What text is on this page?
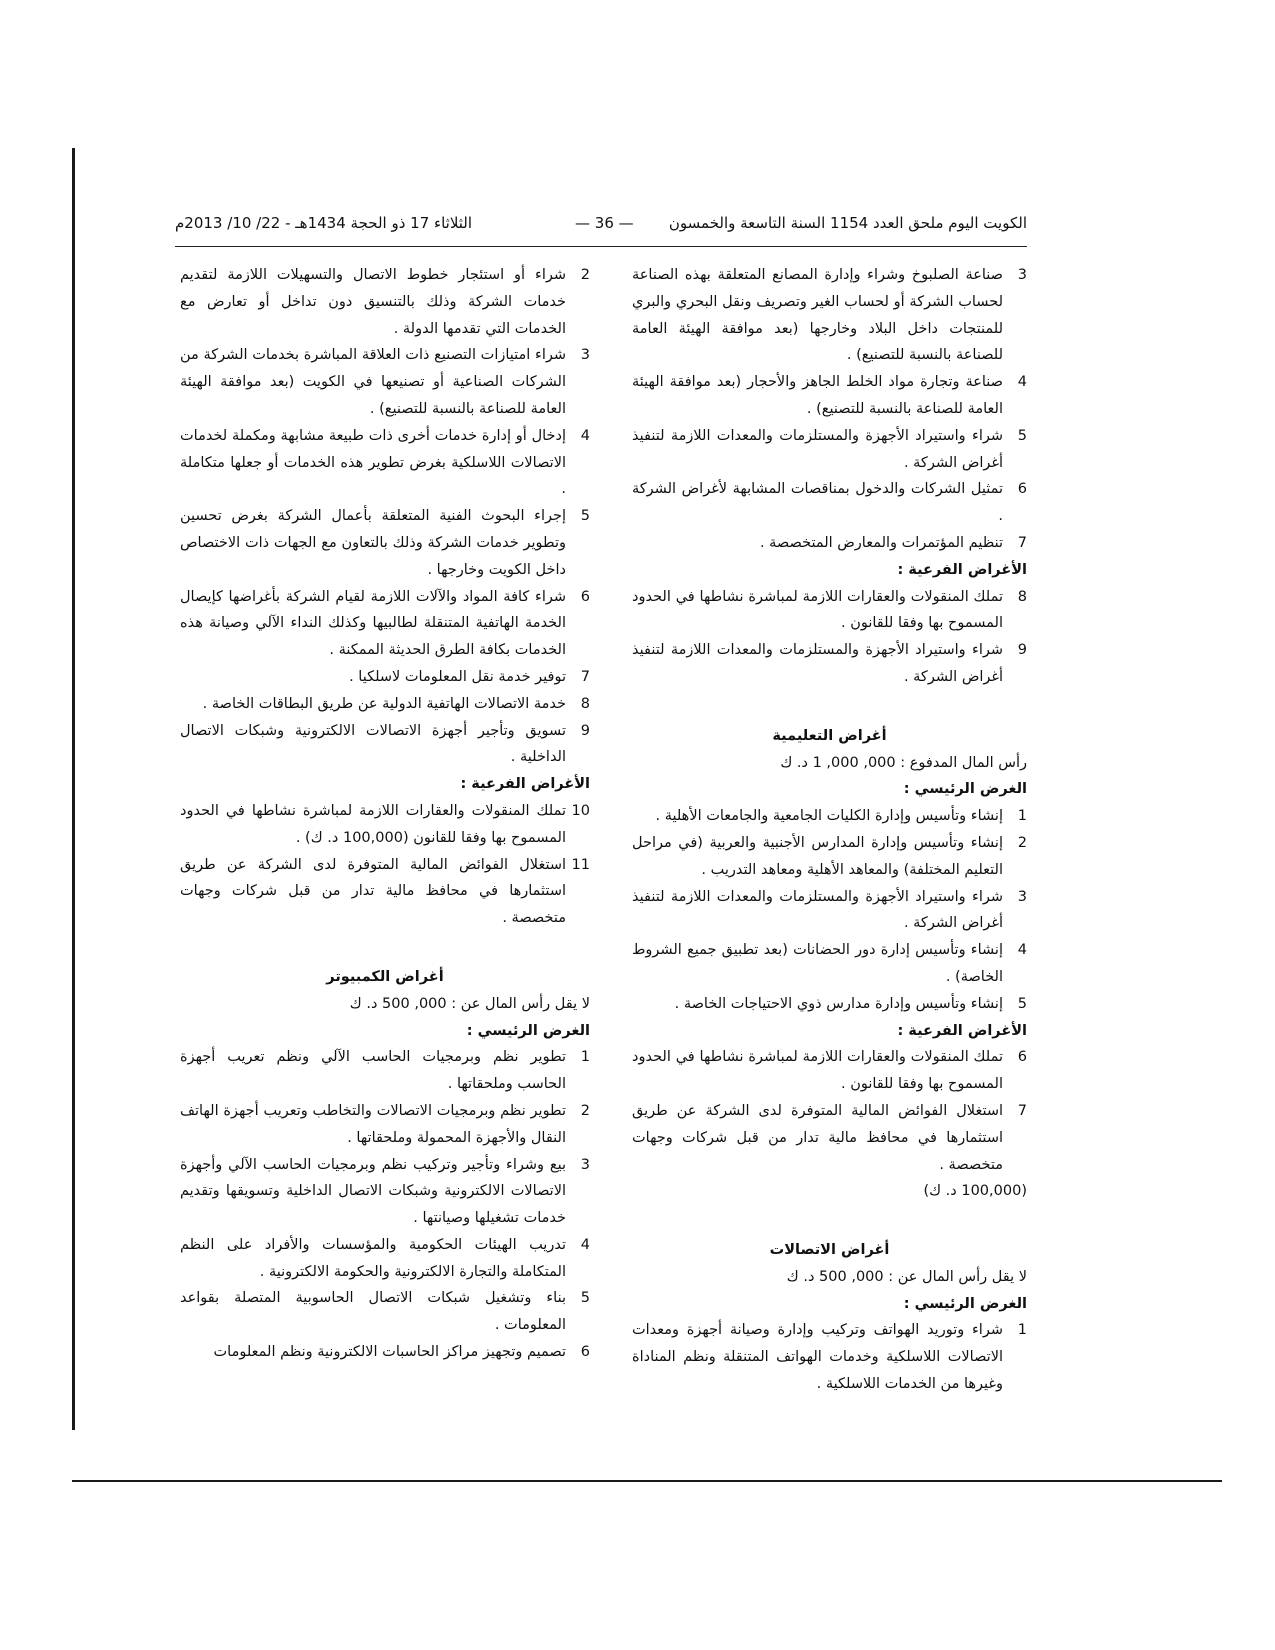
الكويت اليوم ملحق العدد 1154 السنة التاسعة والخمسون
— 36 —
الثلاثاء 17 ذو الحجة 1434هـ - 22/ 10/ 2013م

3
صناعة الصلبوخ وشراء وإدارة المصانع المتعلقة بهذه الصناعة لحساب الشركة أو لحساب الغير وتصريف ونقل البحري والبري للمنتجات داخل البلاد وخارجها (بعد موافقة الهيئة العامة للصناعة بالنسبة للتصنيع) .

4
صناعة وتجارة مواد الخلط الجاهز والأحجار (بعد موافقة الهيئة العامة للصناعة بالنسبة للتصنيع) .

5
شراء واستيراد الأجهزة والمستلزمات والمعدات اللازمة لتنفيذ أغراض الشركة .

6
تمثيل الشركات والدخول بمناقصات المشابهة لأغراض الشركة .

7
تنظيم المؤتمرات والمعارض المتخصصة .

الأغراض الفرعية :

8
تملك المنقولات والعقارات اللازمة لمباشرة نشاطها في الحدود المسموح بها وفقا للقانون .

9
شراء واستيراد الأجهزة والمستلزمات والمعدات اللازمة لتنفيذ أغراض الشركة .

أغراض التعليمية

رأس المال المدفوع : 000, 000, 1 د. ك

الغرض الرئيسي :

1
إنشاء وتأسيس وإدارة الكليات الجامعية والجامعات الأهلية .

2
إنشاء وتأسيس وإدارة المدارس الأجنبية والعربية (في مراحل التعليم المختلفة) والمعاهد الأهلية ومعاهد التدريب .

3
شراء واستيراد الأجهزة والمستلزمات والمعدات اللازمة لتنفيذ أغراض الشركة .

4
إنشاء وتأسيس إدارة دور الحضانات (بعد تطبيق جميع الشروط الخاصة) .

5
إنشاء وتأسيس وإدارة مدارس ذوي الاحتياجات الخاصة .

الأغراض الفرعية :

6
تملك المنقولات والعقارات اللازمة لمباشرة نشاطها في الحدود المسموح بها وفقا للقانون .

7
استغلال الفوائض المالية المتوفرة لدى الشركة عن طريق استثمارها في محافظ مالية تدار من قبل شركات وجهات متخصصة .

(100,000 د. ك)

أغراض الاتصالات

لا يقل رأس المال عن : 000, 500 د. ك

الغرض الرئيسي :

1
شراء وتوريد الهواتف وتركيب وإدارة وصيانة أجهزة ومعدات الاتصالات اللاسلكية وخدمات الهواتف المتنقلة ونظم المناداة وغيرها من الخدمات اللاسلكية .

2
شراء أو استئجار خطوط الاتصال والتسهيلات اللازمة لتقديم خدمات الشركة وذلك بالتنسيق دون تداخل أو تعارض مع الخدمات التي تقدمها الدولة .

3
شراء امتيازات التصنيع ذات العلاقة المباشرة بخدمات الشركة من الشركات الصناعية أو تصنيعها في الكويت (بعد موافقة الهيئة العامة للصناعة بالنسبة للتصنيع) .

4
إدخال أو إدارة خدمات أخرى ذات طبيعة مشابهة ومكملة لخدمات الاتصالات اللاسلكية بغرض تطوير هذه الخدمات أو جعلها متكاملة .

5
إجراء البحوث الفنية المتعلقة بأعمال الشركة بغرض تحسين وتطوير خدمات الشركة وذلك بالتعاون مع الجهات ذات الاختصاص داخل الكويت وخارجها .

6
شراء كافة المواد والآلات اللازمة لقيام الشركة بأغراضها كإيصال الخدمة الهاتفية المتنقلة لطالبيها وكذلك النداء الآلي وصيانة هذه الخدمات بكافة الطرق الحديثة الممكنة .

7
توفير خدمة نقل المعلومات لاسلكيا .

8
خدمة الاتصالات الهاتفية الدولية عن طريق البطاقات الخاصة .

9
تسويق وتأجير أجهزة الاتصالات الالكترونية وشبكات الاتصال الداخلية .

الأغراض الفرعية :

10
تملك المنقولات والعقارات اللازمة لمباشرة نشاطها في الحدود المسموح بها وفقا للقانون (100,000 د. ك) .

11
استغلال الفوائض المالية المتوفرة لدى الشركة عن طريق استثمارها في محافظ مالية تدار من قبل شركات وجهات متخصصة .

أغراض الكمبيوتر

لا يقل رأس المال عن : 000, 500 د. ك

الغرض الرئيسي :

1
تطوير نظم وبرمجيات الحاسب الآلي ونظم تعريب أجهزة الحاسب وملحقاتها .

2
تطوير نظم وبرمجيات الاتصالات والتخاطب وتعريب أجهزة الهاتف النقال والأجهزة المحمولة وملحقاتها .

3
بيع وشراء وتأجير وتركيب نظم وبرمجيات الحاسب الآلي وأجهزة الاتصالات الالكترونية وشبكات الاتصال الداخلية وتسويقها وتقديم خدمات تشغيلها وصيانتها .

4
تدريب الهيئات الحكومية والمؤسسات والأفراد على النظم المتكاملة والتجارة الالكترونية والحكومة الالكترونية .

5
بناء وتشغيل شبكات الاتصال الحاسوبية المتصلة بقواعد المعلومات .

6
تصميم وتجهيز مراكز الحاسبات الالكترونية ونظم المعلومات
